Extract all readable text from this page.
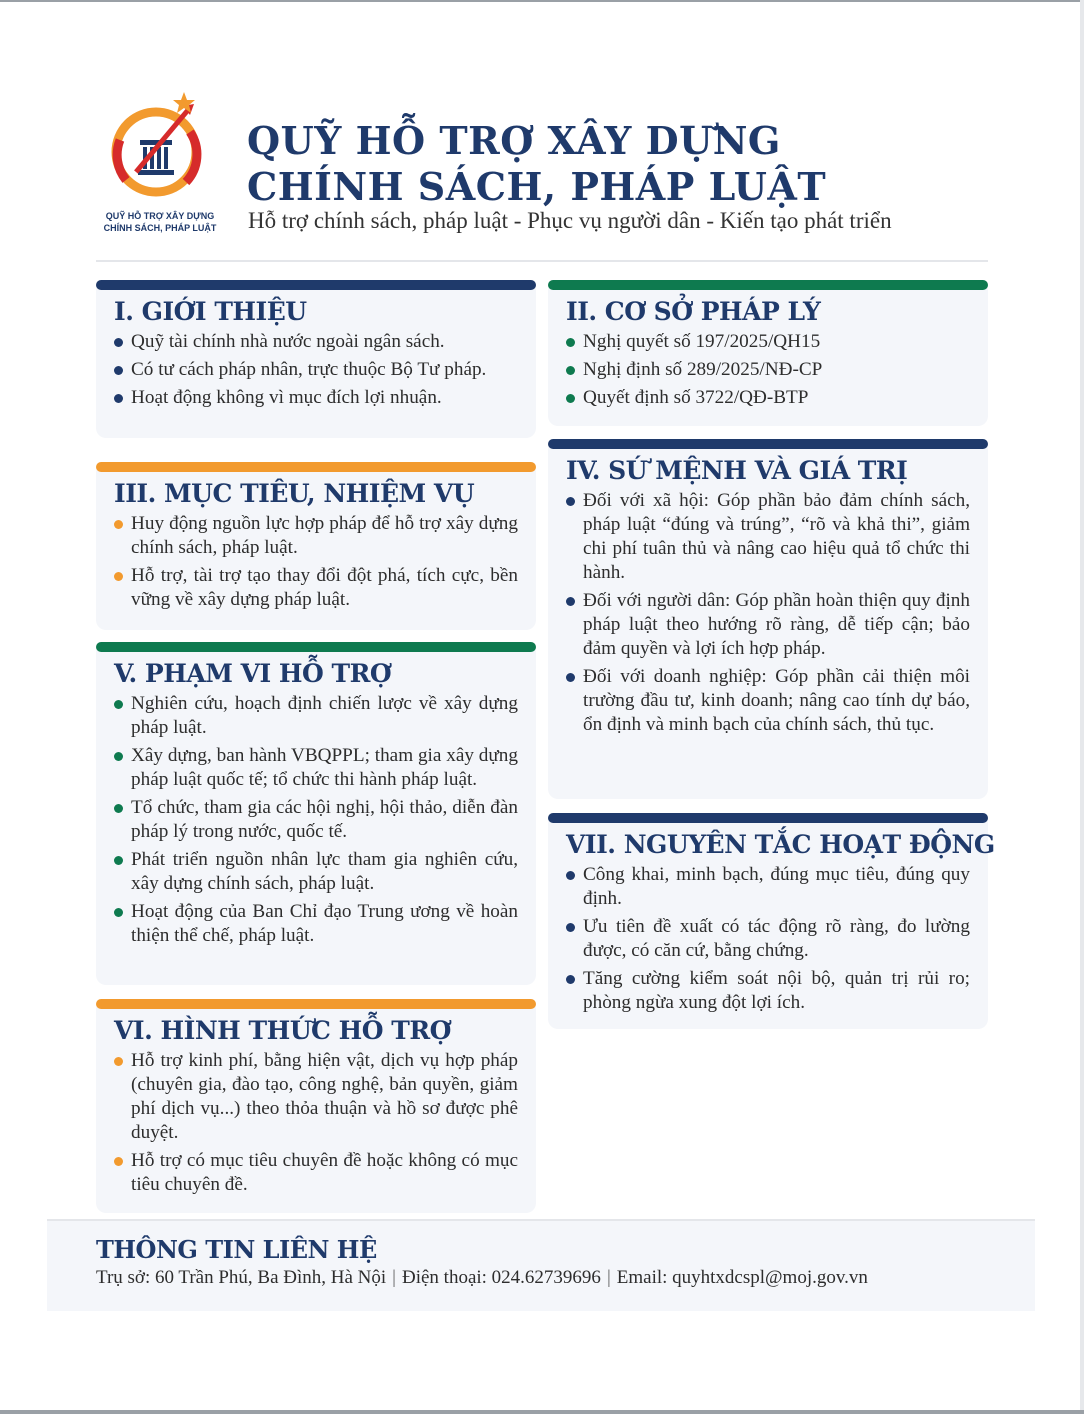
QUỸ HỖ TRỢ XÂY DỰNG
CHÍNH SÁCH, PHÁP LUẬT
QUỸ HỖ TRỢ XÂY DỰNG
CHÍNH SÁCH, PHÁP LUẬT

Hỗ trợ chính sách, pháp luật - Phục vụ người dân - Kiến tạo phát triển

I. GIỚI THIỆU
Quỹ tài chính nhà nước ngoài ngân sách.
Có tư cách pháp nhân, trực thuộc Bộ Tư pháp.
Hoạt động không vì mục đích lợi nhuận.
II. CƠ SỞ PHÁP LÝ
Nghị quyết số 197/2025/QH15
Nghị định số 289/2025/NĐ-CP
Quyết định số 3722/QĐ-BTP
III. MỤC TIÊU, NHIỆM VỤ
Huy động nguồn lực hợp pháp để hỗ trợ xây dựng chính sách, pháp luật.
Hỗ trợ, tài trợ tạo thay đổi đột phá, tích cực, bền vững về xây dựng pháp luật.
IV. SỨ MỆNH VÀ GIÁ TRỊ
Đối với xã hội: Góp phần bảo đảm chính sách, pháp luật “đúng và trúng”, “rõ và khả thi”, giảm chi phí tuân thủ và nâng cao hiệu quả tổ chức thi hành.
Đối với người dân: Góp phần hoàn thiện quy định pháp luật theo hướng rõ ràng, dễ tiếp cận; bảo đảm quyền và lợi ích hợp pháp.
Đối với doanh nghiệp: Góp phần cải thiện môi trường đầu tư, kinh doanh; nâng cao tính dự báo, ổn định và minh bạch của chính sách, thủ tục.
V. PHẠM VI HỖ TRỢ
Nghiên cứu, hoạch định chiến lược về xây dựng pháp luật.
Xây dựng, ban hành VBQPPL; tham gia xây dựng pháp luật quốc tế; tổ chức thi hành pháp luật.
Tổ chức, tham gia các hội nghị, hội thảo, diễn đàn pháp lý trong nước, quốc tế.
Phát triển nguồn nhân lực tham gia nghiên cứu, xây dựng chính sách, pháp luật.
Hoạt động của Ban Chỉ đạo Trung ương về hoàn thiện thể chế, pháp luật.
VII. NGUYÊN TẮC HOẠT ĐỘNG
Công khai, minh bạch, đúng mục tiêu, đúng quy định.
Ưu tiên đề xuất có tác động rõ ràng, đo lường được, có căn cứ, bằng chứng.
Tăng cường kiểm soát nội bộ, quản trị rủi ro; phòng ngừa xung đột lợi ích.
VI. HÌNH THỨC HỖ TRỢ
Hỗ trợ kinh phí, bằng hiện vật, dịch vụ hợp pháp (chuyên gia, đào tạo, công nghệ, bản quyền, giảm phí dịch vụ...) theo thỏa thuận và hồ sơ được phê duyệt.
Hỗ trợ có mục tiêu chuyên đề hoặc không có mục tiêu chuyên đề.
THÔNG TIN LIÊN HỆ

Trụ sở: 60 Trần Phú, Ba Đình, Hà Nội | Điện thoại: 024.62739696 | Email: quyhtxdcspl@moj.gov.vn
